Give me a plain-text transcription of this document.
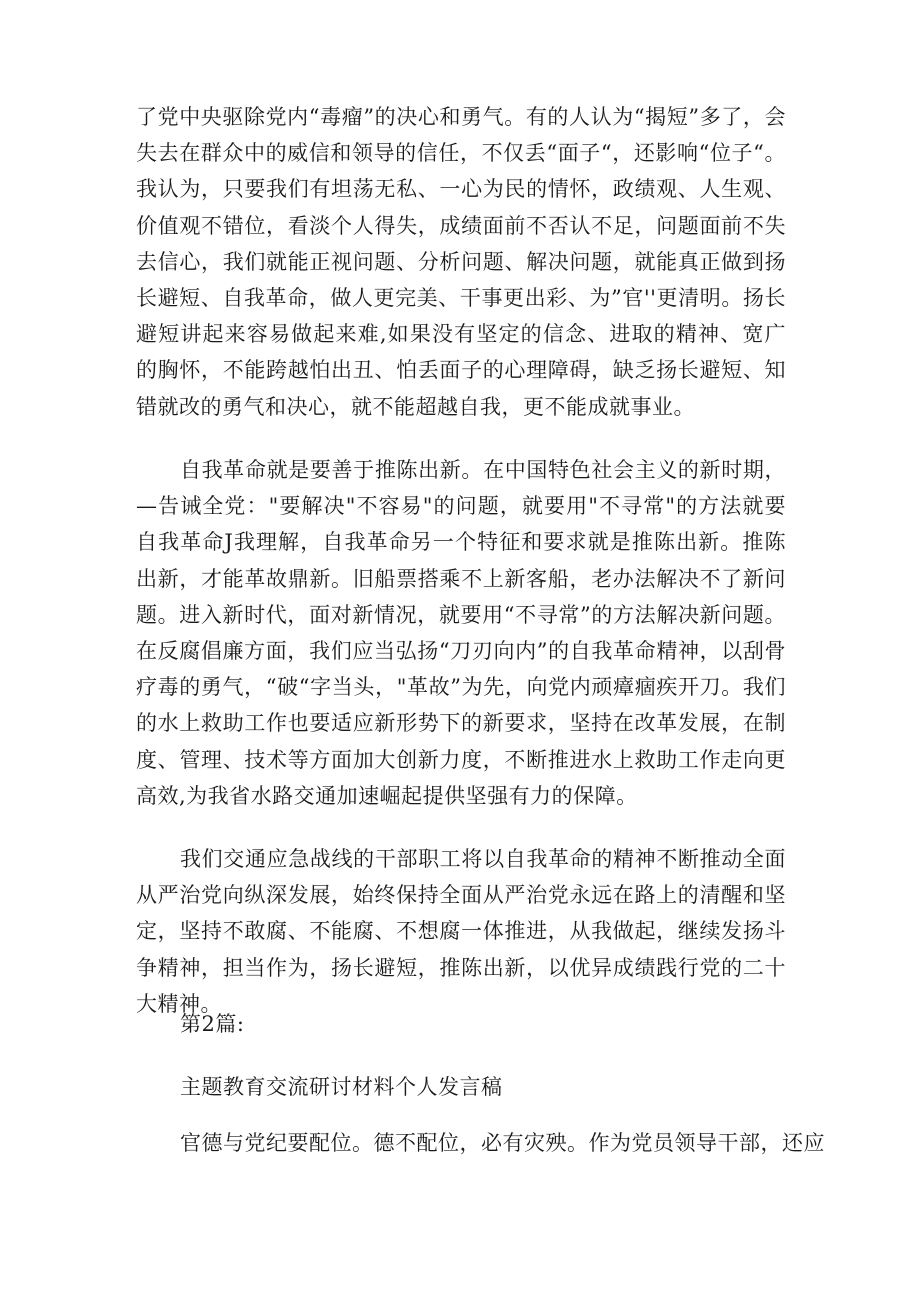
了党中央驱除党内“毒瘤”的决心和勇气。有的人认为“揭短”多了，会失去在群众中的威信和领导的信任，不仅丢“面子“，还影响“位子“。我认为，只要我们有坦荡无私、一心为民的情怀，政绩观、人生观、价值观不错位，看淡个人得失，成绩面前不否认不足，问题面前不失去信心，我们就能正视问题、分析问题、解决问题，就能真正做到扬长避短、自我革命，做人更完美、干事更出彩、为”官''更清明。扬长避短讲起来容易做起来难,如果没有坚定的信念、进取的精神、宽广的胸怀，不能跨越怕出丑、怕丢面子的心理障碍，缺乏扬长避短、知错就改的勇气和决心，就不能超越自我，更不能成就事业。

自我革命就是要善于推陈出新。在中国特色社会主义的新时期，—告诫全党："要解决"不容易"的问题，就要用"不寻常"的方法就要自我革命J我理解，自我革命另一个特征和要求就是推陈出新。推陈出新，才能革故鼎新。旧船票搭乘不上新客船，老办法解决不了新问题。进入新时代，面对新情况，就要用“不寻常”的方法解决新问题。在反腐倡廉方面，我们应当弘扬“刀刃向内”的自我革命精神，以刮骨疗毒的勇气，“破“字当头，"革故”为先，向党内顽瘴痼疾开刀。我们的水上救助工作也要适应新形势下的新要求，坚持在改革发展，在制度、管理、技术等方面加大创新力度，不断推进水上救助工作走向更高效,为我省水路交通加速崛起提供坚强有力的保障。

我们交通应急战线的干部职工将以自我革命的精神不断推动全面从严治党向纵深发展，始终保持全面从严治党永远在路上的清醒和坚定，坚持不敢腐、不能腐、不想腐一体推进，从我做起，继续发扬斗争精神，担当作为，扬长避短，推陈出新，以优异成绩践行党的二十大精神。

第2篇:

主题教育交流研讨材料个人发言稿

官德与党纪要配位。德不配位，必有灾殃。作为党员领导干部，还应
